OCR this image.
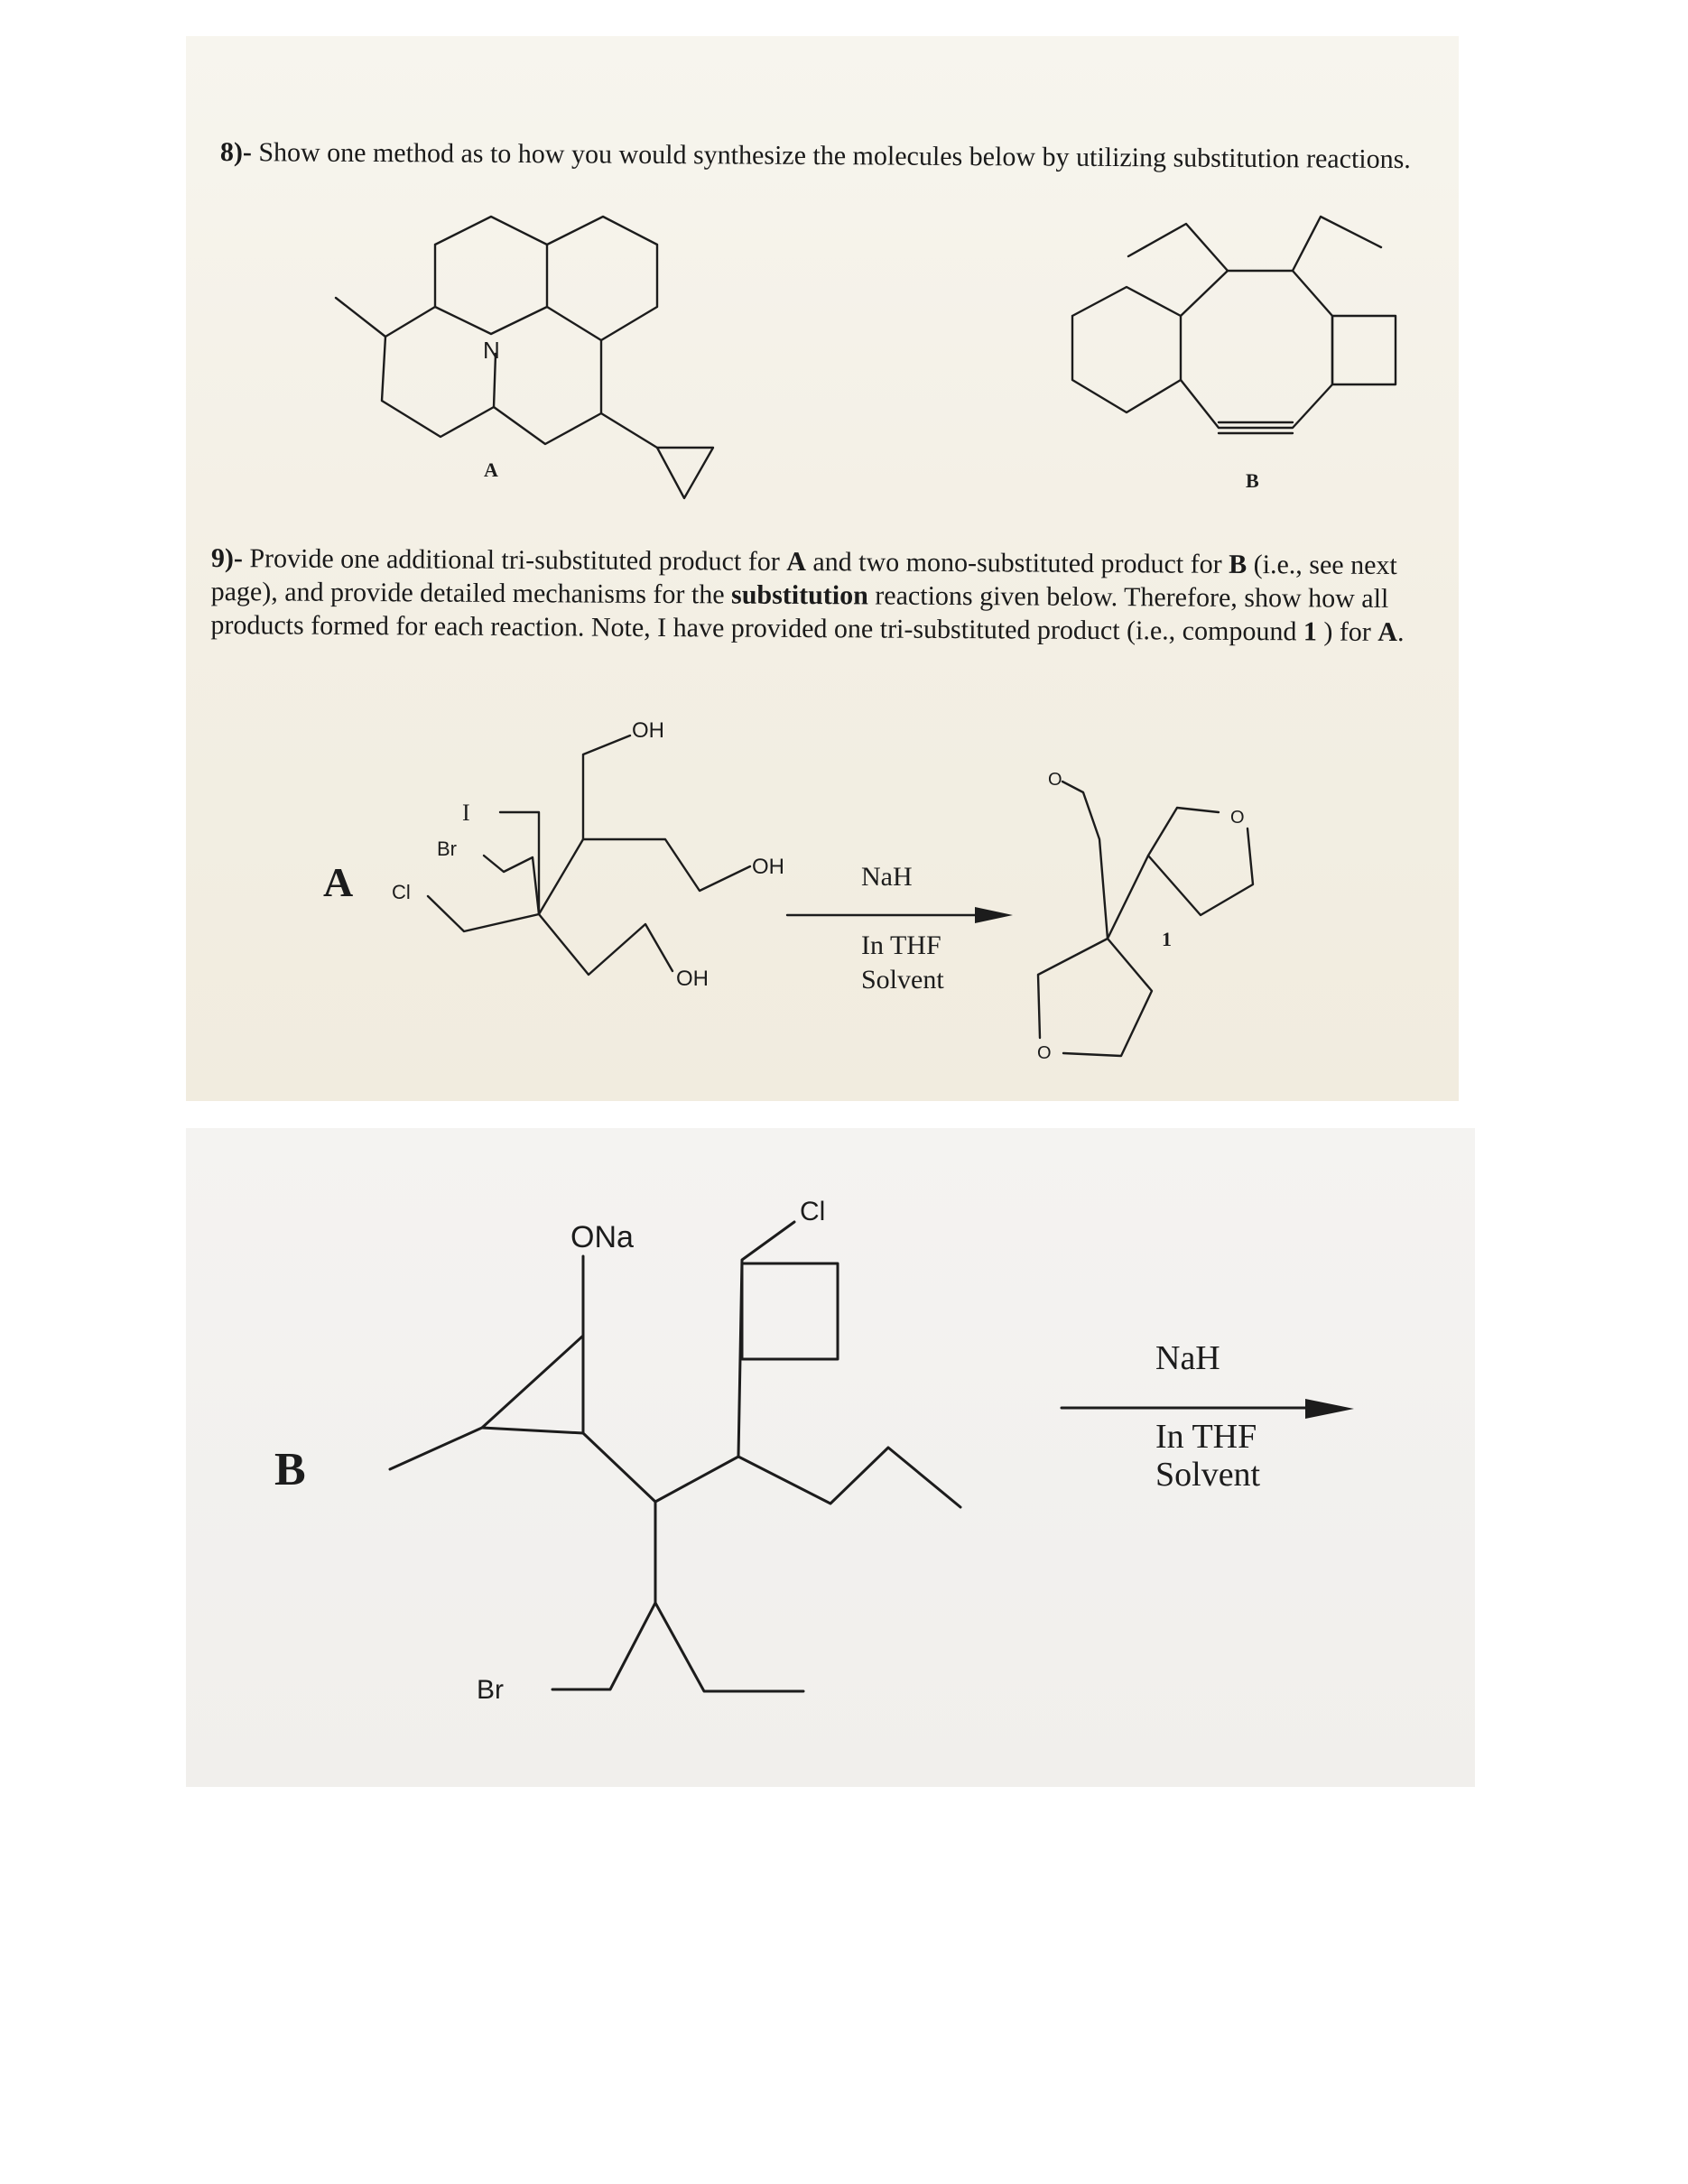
8)- Show one method as to how you would synthesize the molecules below by utilizing substitution reactions.

9)- Provide one additional tri-substituted product for A and two mono-substituted product for B (i.e., see next page), and provide detailed mechanisms for the substitution reactions given below. Therefore, show how all products formed for each reaction. Note, I have provided one tri-substituted product (i.e., compound 1 ) for A.

N
A	B
A
OH
OH
OH
I
Br
Cl
NaH
In THF
Solvent
O
O
O
1
B
ONa
Cl
Br
NaH
In THF
Solvent
